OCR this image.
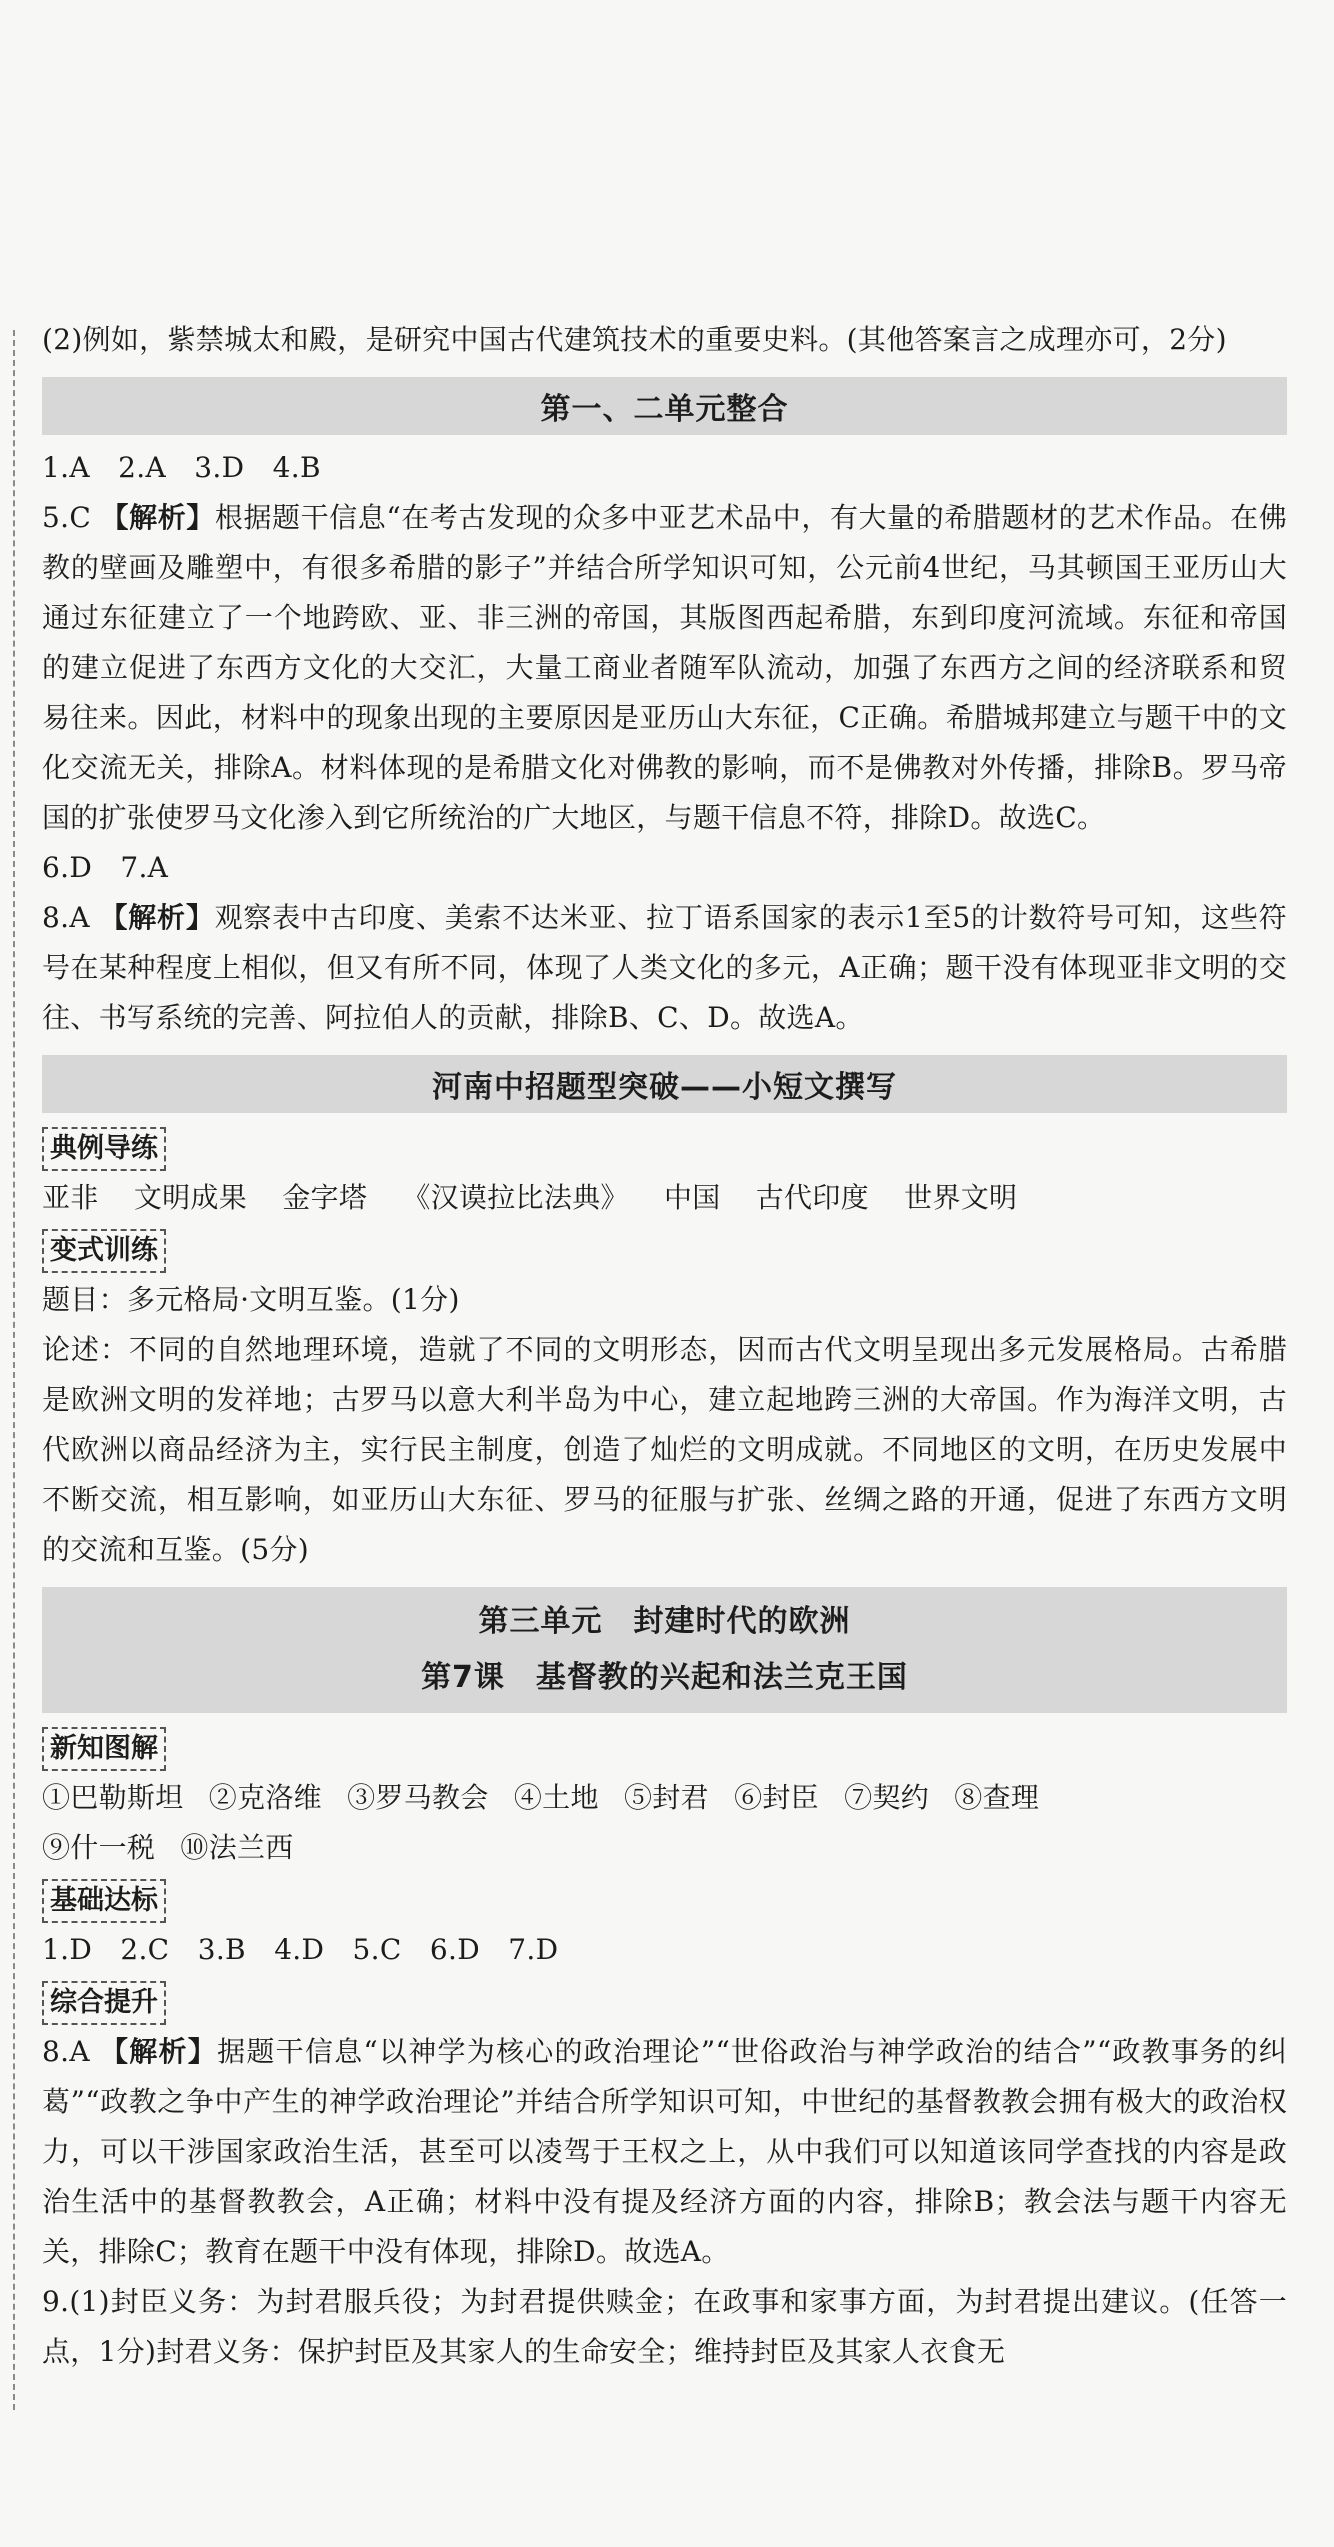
(2)例如，紫禁城太和殿，是研究中国古代建筑技术的重要史料。(其他答案言之成理亦可，2分)

第一、二单元整合

1.A　2.A　3.D　4.B

5.C 【解析】根据题干信息“在考古发现的众多中亚艺术品中，有大量的希腊题材的艺术作品。在佛教的壁画及雕塑中，有很多希腊的影子”并结合所学知识可知，公元前4世纪，马其顿国王亚历山大通过东征建立了一个地跨欧、亚、非三洲的帝国，其版图西起希腊，东到印度河流域。东征和帝国的建立促进了东西方文化的大交汇，大量工商业者随军队流动，加强了东西方之间的经济联系和贸易往来。因此，材料中的现象出现的主要原因是亚历山大东征，C正确。希腊城邦建立与题干中的文化交流无关，排除A。材料体现的是希腊文化对佛教的影响，而不是佛教对外传播，排除B。罗马帝国的扩张使罗马文化渗入到它所统治的广大地区，与题干信息不符，排除D。故选C。

6.D　7.A

8.A 【解析】观察表中古印度、美索不达米亚、拉丁语系国家的表示1至5的计数符号可知，这些符号在某种程度上相似，但又有所不同，体现了人类文化的多元，A正确；题干没有体现亚非文明的交往、书写系统的完善、阿拉伯人的贡献，排除B、C、D。故选A。

河南中招题型突破——小短文撰写
典例导练

亚非 文明成果 金字塔 《汉谟拉比法典》 中国 古代印度 世界文明

变式训练

题目：多元格局·文明互鉴。(1分)

论述：不同的自然地理环境，造就了不同的文明形态，因而古代文明呈现出多元发展格局。古希腊是欧洲文明的发祥地；古罗马以意大利半岛为中心，建立起地跨三洲的大帝国。作为海洋文明，古代欧洲以商品经济为主，实行民主制度，创造了灿烂的文明成就。不同地区的文明，在历史发展中不断交流，相互影响，如亚历山大东征、罗马的征服与扩张、丝绸之路的开通，促进了东西方文明的交流和互鉴。(5分)

第三单元　封建时代的欧洲
第7课　基督教的兴起和法兰克王国
新知图解

①巴勒斯坦 ②克洛维 ③罗马教会 ④土地 ⑤封君 ⑥封臣 ⑦契约 ⑧查理
⑨什一税 ⑩法兰西

基础达标

1.D　2.C　3.B　4.D　5.C　6.D　7.D

综合提升

8.A 【解析】据题干信息“以神学为核心的政治理论”“世俗政治与神学政治的结合”“政教事务的纠葛”“政教之争中产生的神学政治理论”并结合所学知识可知，中世纪的基督教教会拥有极大的政治权力，可以干涉国家政治生活，甚至可以凌驾于王权之上，从中我们可以知道该同学查找的内容是政治生活中的基督教教会，A正确；材料中没有提及经济方面的内容，排除B；教会法与题干内容无关，排除C；教育在题干中没有体现，排除D。故选A。

9.(1)封臣义务：为封君服兵役；为封君提供赎金；在政事和家事方面，为封君提出建议。(任答一点，1分)封君义务：保护封臣及其家人的生命安全；维持封臣及其家人衣食无
